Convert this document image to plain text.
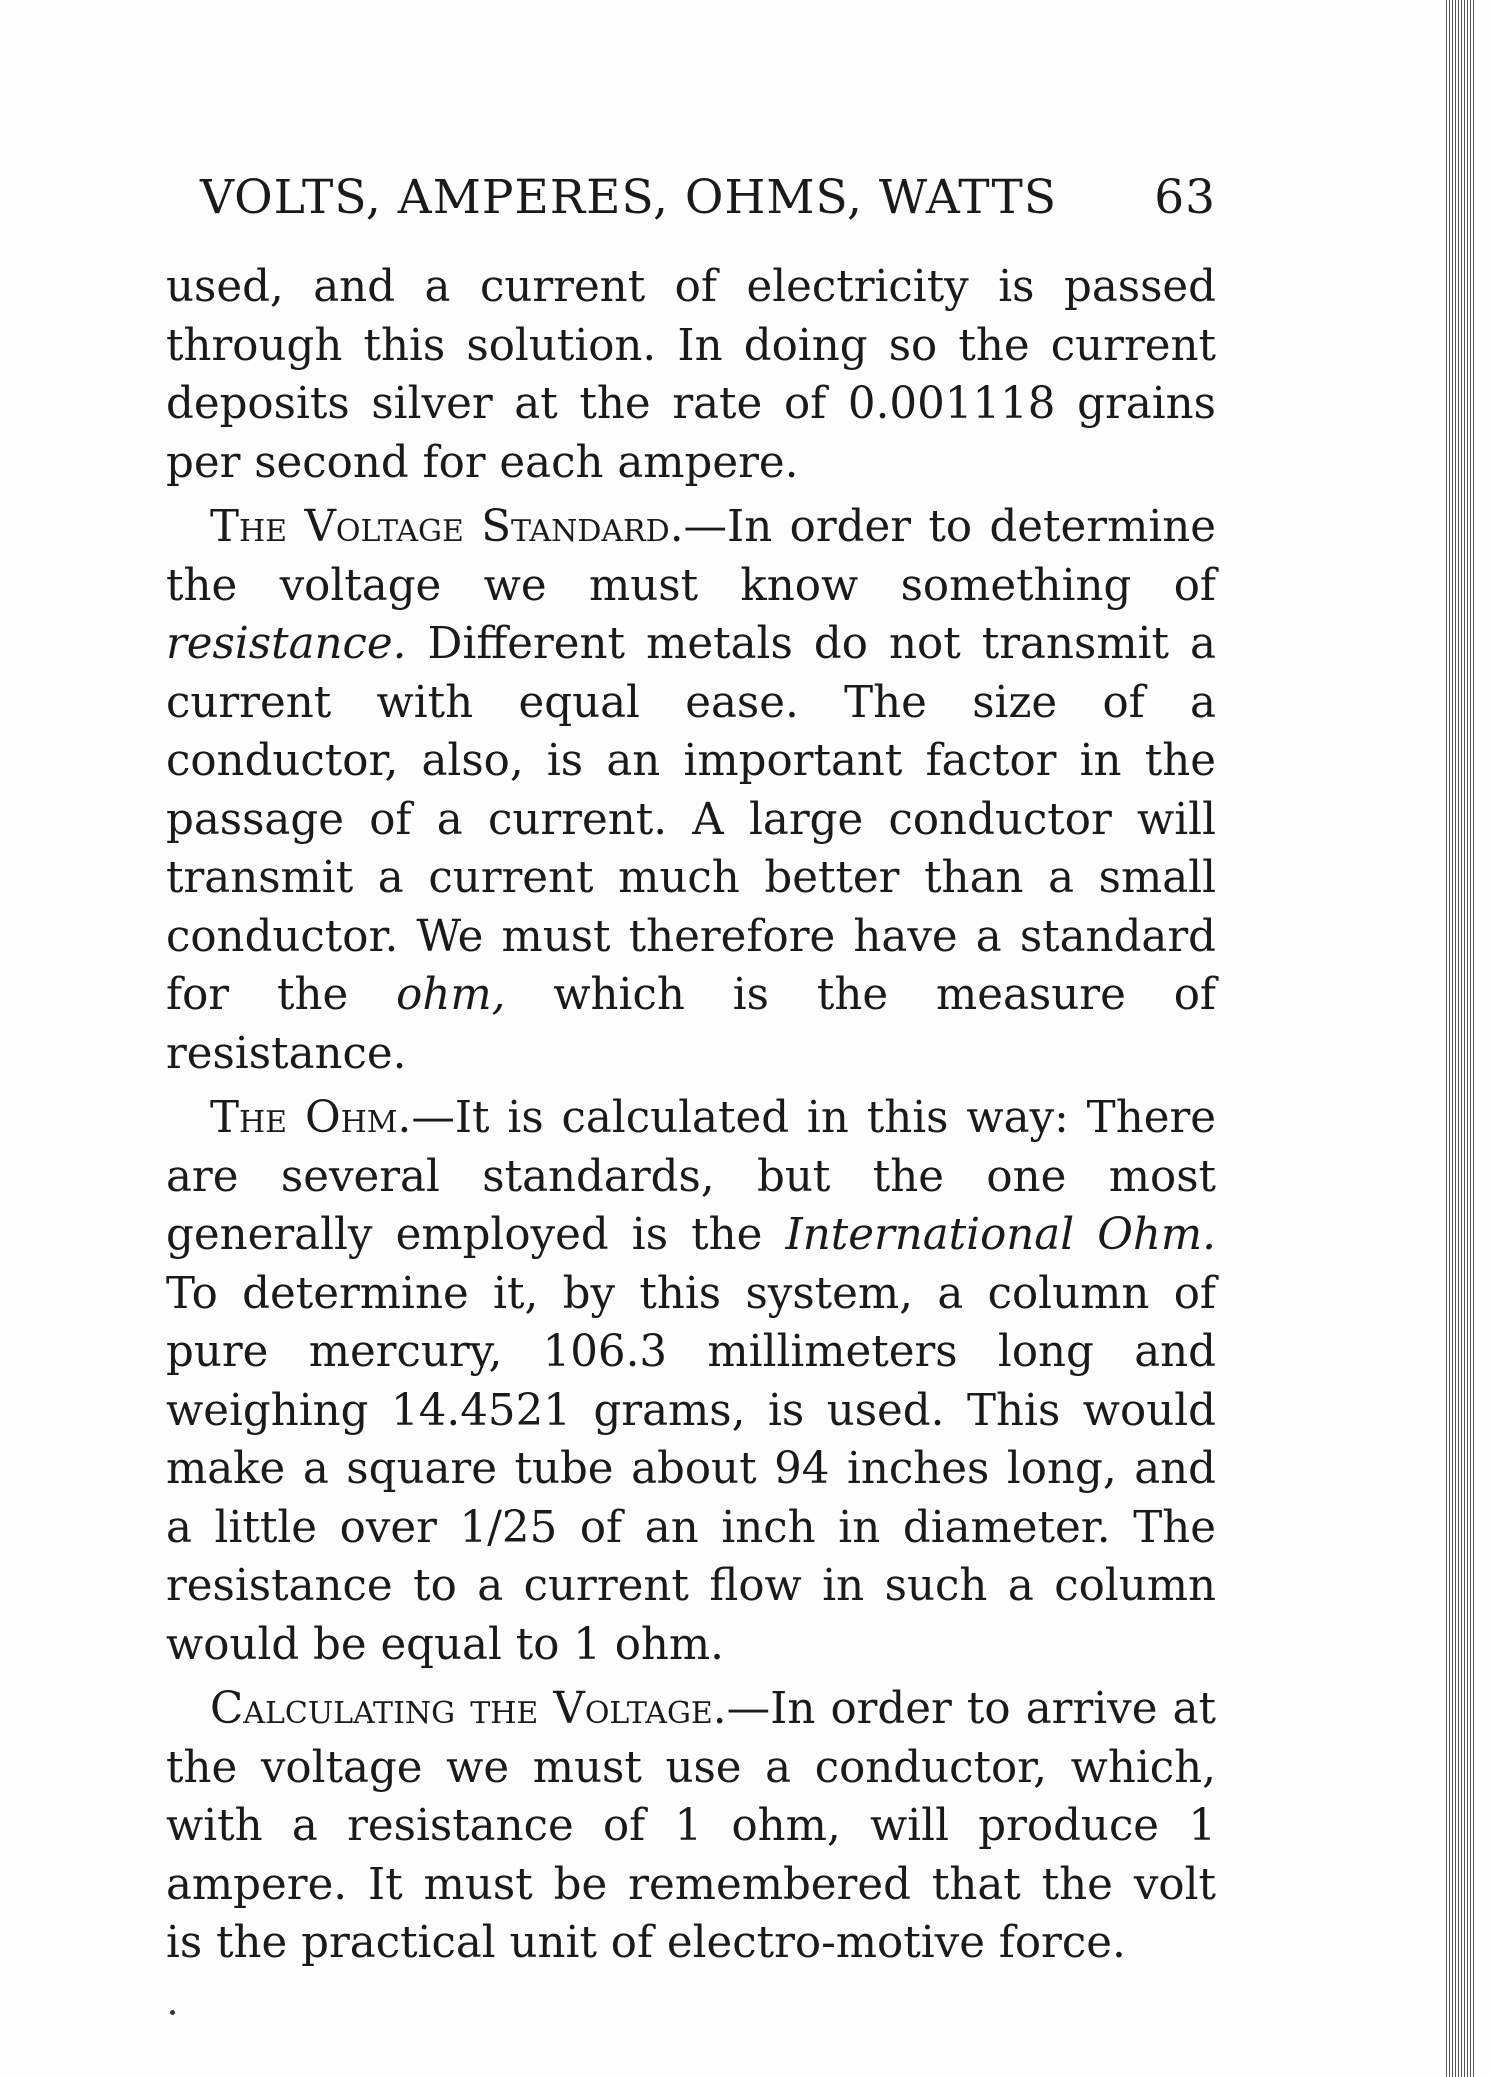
VOLTS, AMPERES, OHMS, WATTS 63

used, and a current of electricity is passed through this solution. In doing so the current deposits silver at the rate of 0.001118 grains per second for each ampere.

The Voltage Standard.—In order to determine the voltage we must know something of resistance. Different metals do not transmit a current with equal ease. The size of a conductor, also, is an important factor in the passage of a current. A large conductor will transmit a current much better than a small conductor. We must therefore have a standard for the ohm, which is the measure of resistance.

The Ohm.—It is calculated in this way: There are several standards, but the one most generally employed is the International Ohm. To determine it, by this system, a column of pure mercury, 106.3 millimeters long and weighing 14.4521 grams, is used. This would make a square tube about 94 inches long, and a little over 1/25 of an inch in diameter. The resistance to a current flow in such a column would be equal to 1 ohm.

Calculating the Voltage.—In order to arrive at the voltage we must use a conductor, which, with a resistance of 1 ohm, will produce 1 ampere. It must be remembered that the volt is the practical unit of electro-motive force.
